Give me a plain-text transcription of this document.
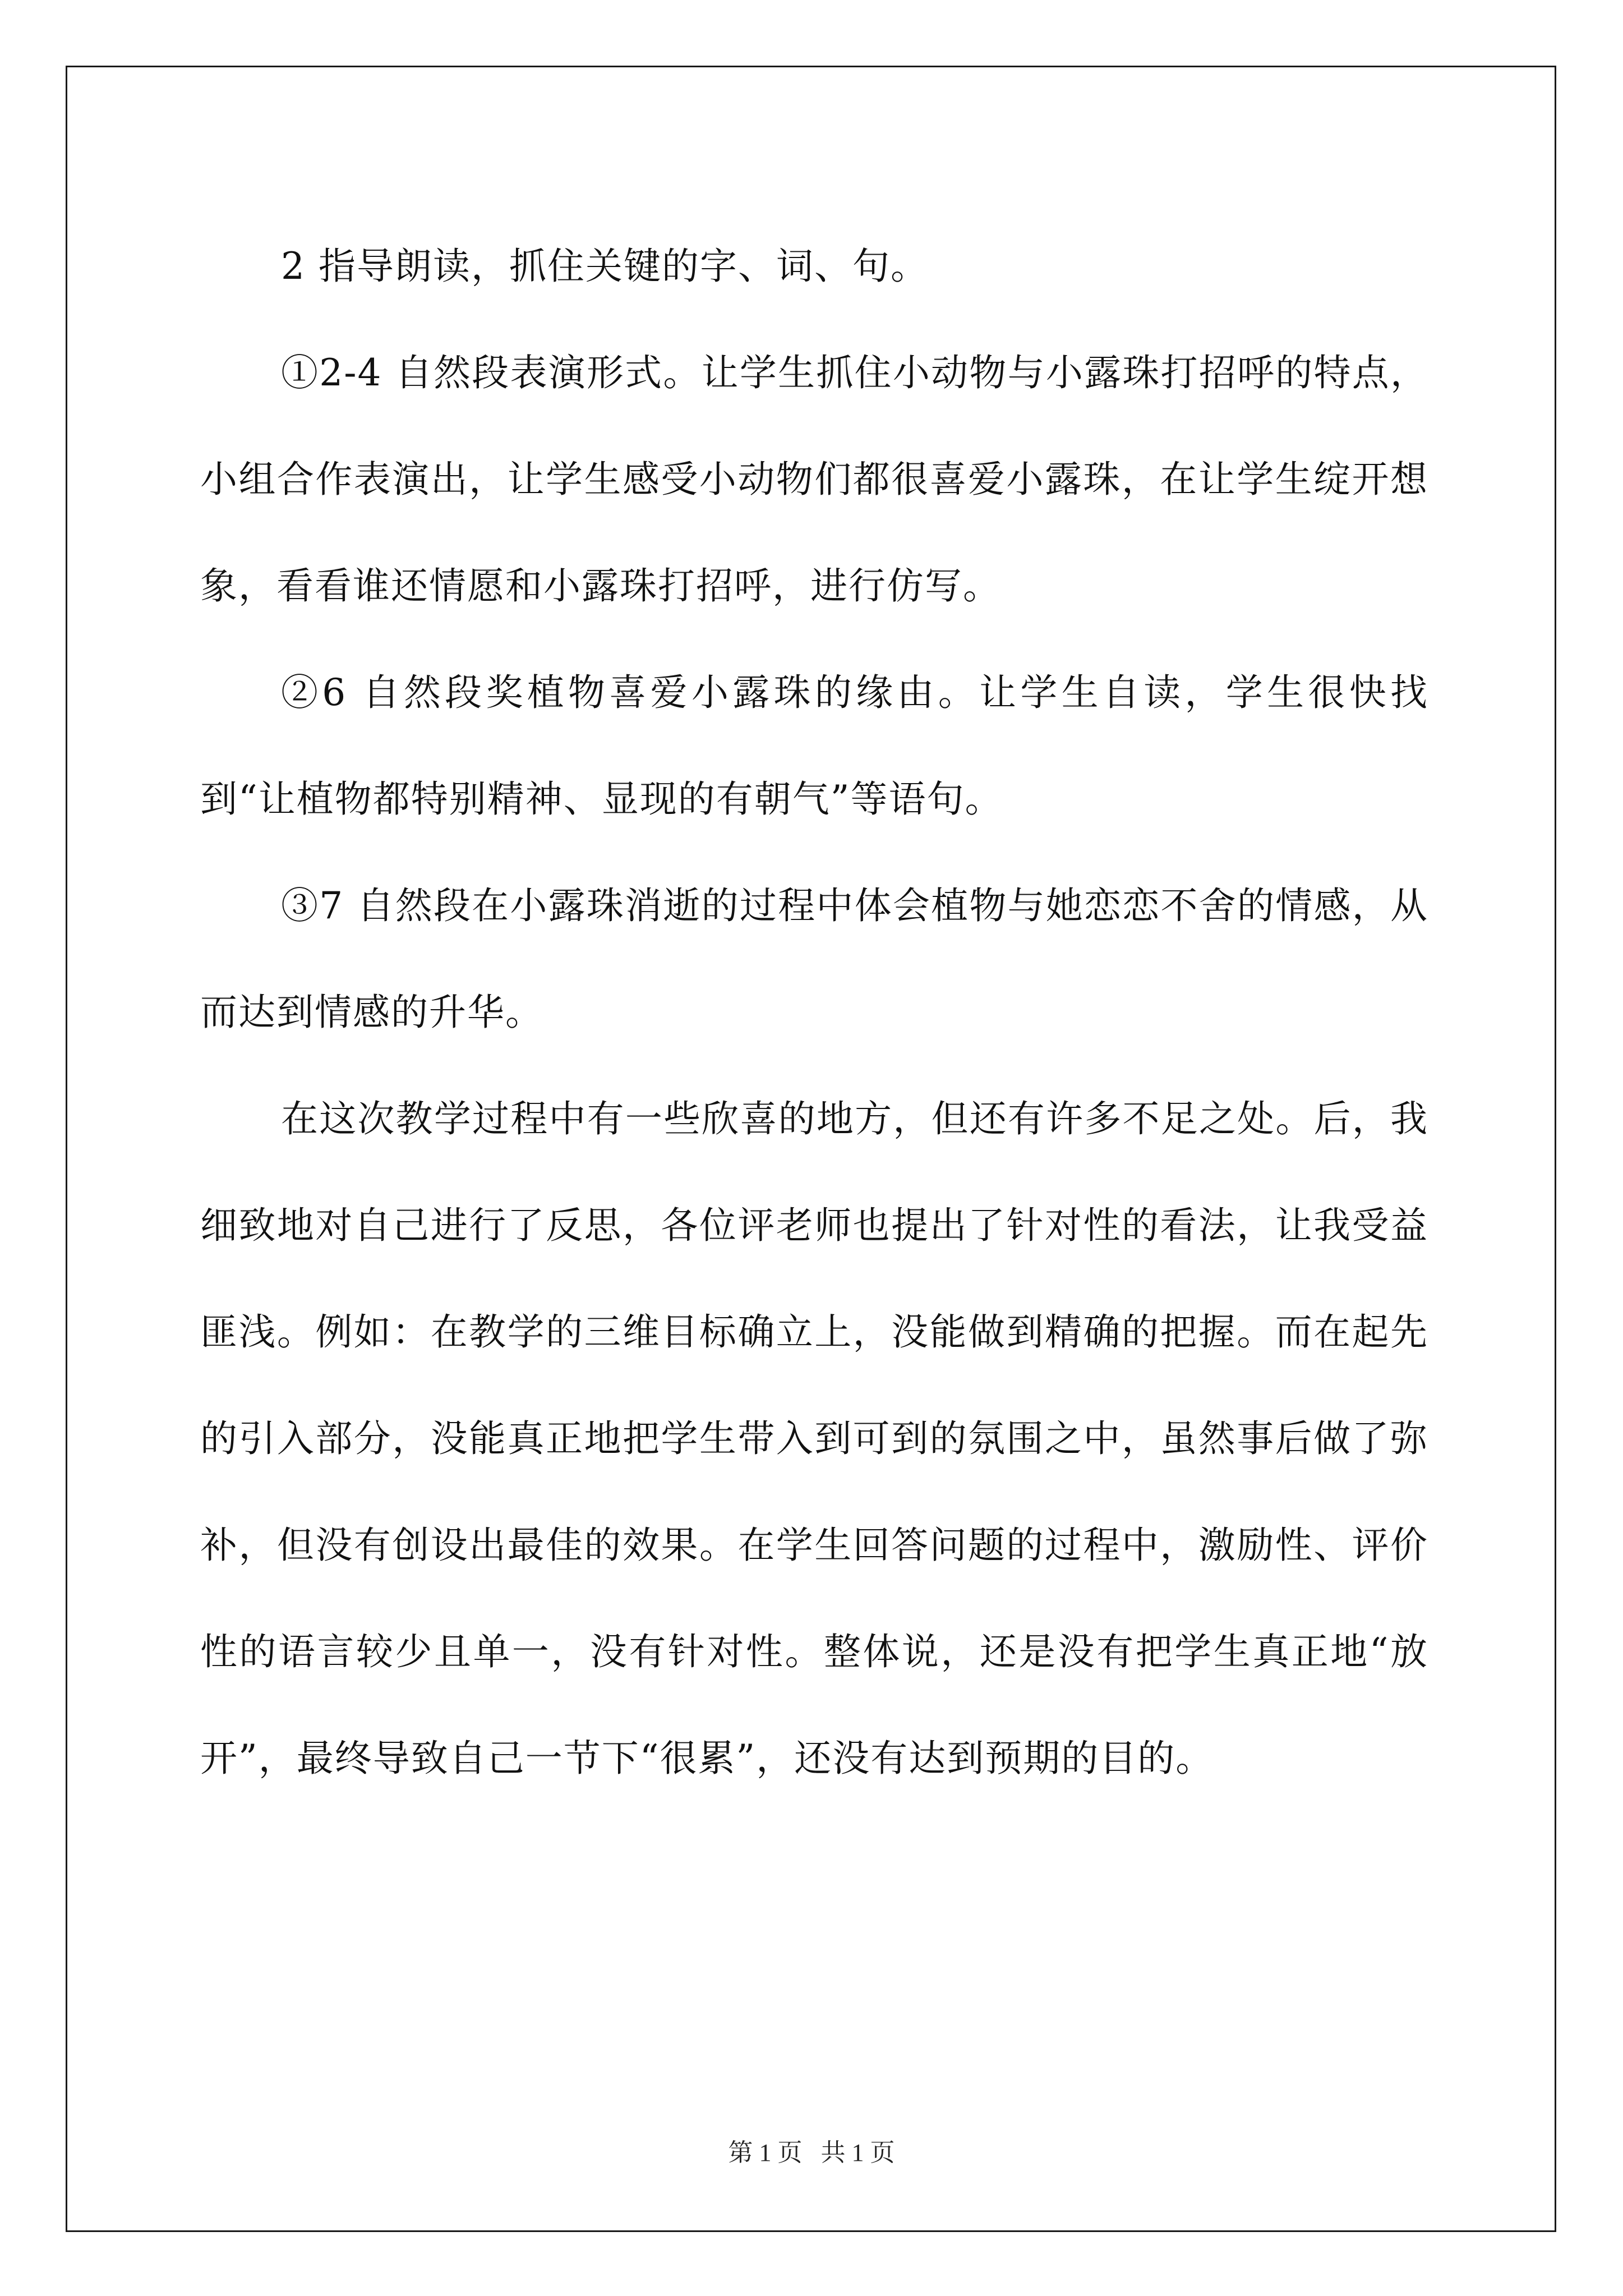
2 指导朗读，抓住关键的字、词、句。

①2-4 自然段表演形式。让学生抓住小动物与小露珠打招呼的特点，小组合作表演出，让学生感受小动物们都很喜爱小露珠，在让学生绽开想象，看看谁还情愿和小露珠打招呼，进行仿写。

②6 自然段奖植物喜爱小露珠的缘由。让学生自读，学生很快找到“让植物都特别精神、显现的有朝气”等语句。

③7 自然段在小露珠消逝的过程中体会植物与她恋恋不舍的情感，从而达到情感的升华。

在这次教学过程中有一些欣喜的地方，但还有许多不足之处。后，我细致地对自己进行了反思，各位评老师也提出了针对性的看法，让我受益匪浅。例如：在教学的三维目标确立上，没能做到精确的把握。而在起先的引入部分，没能真正地把学生带入到可到的氛围之中，虽然事后做了弥补，但没有创设出最佳的效果。在学生回答问题的过程中，激励性、评价性的语言较少且单一，没有针对性。整体说，还是没有把学生真正地“放开”，最终导致自己一节下“很累”，还没有达到预期的目的。

第 1 页 共 1 页
